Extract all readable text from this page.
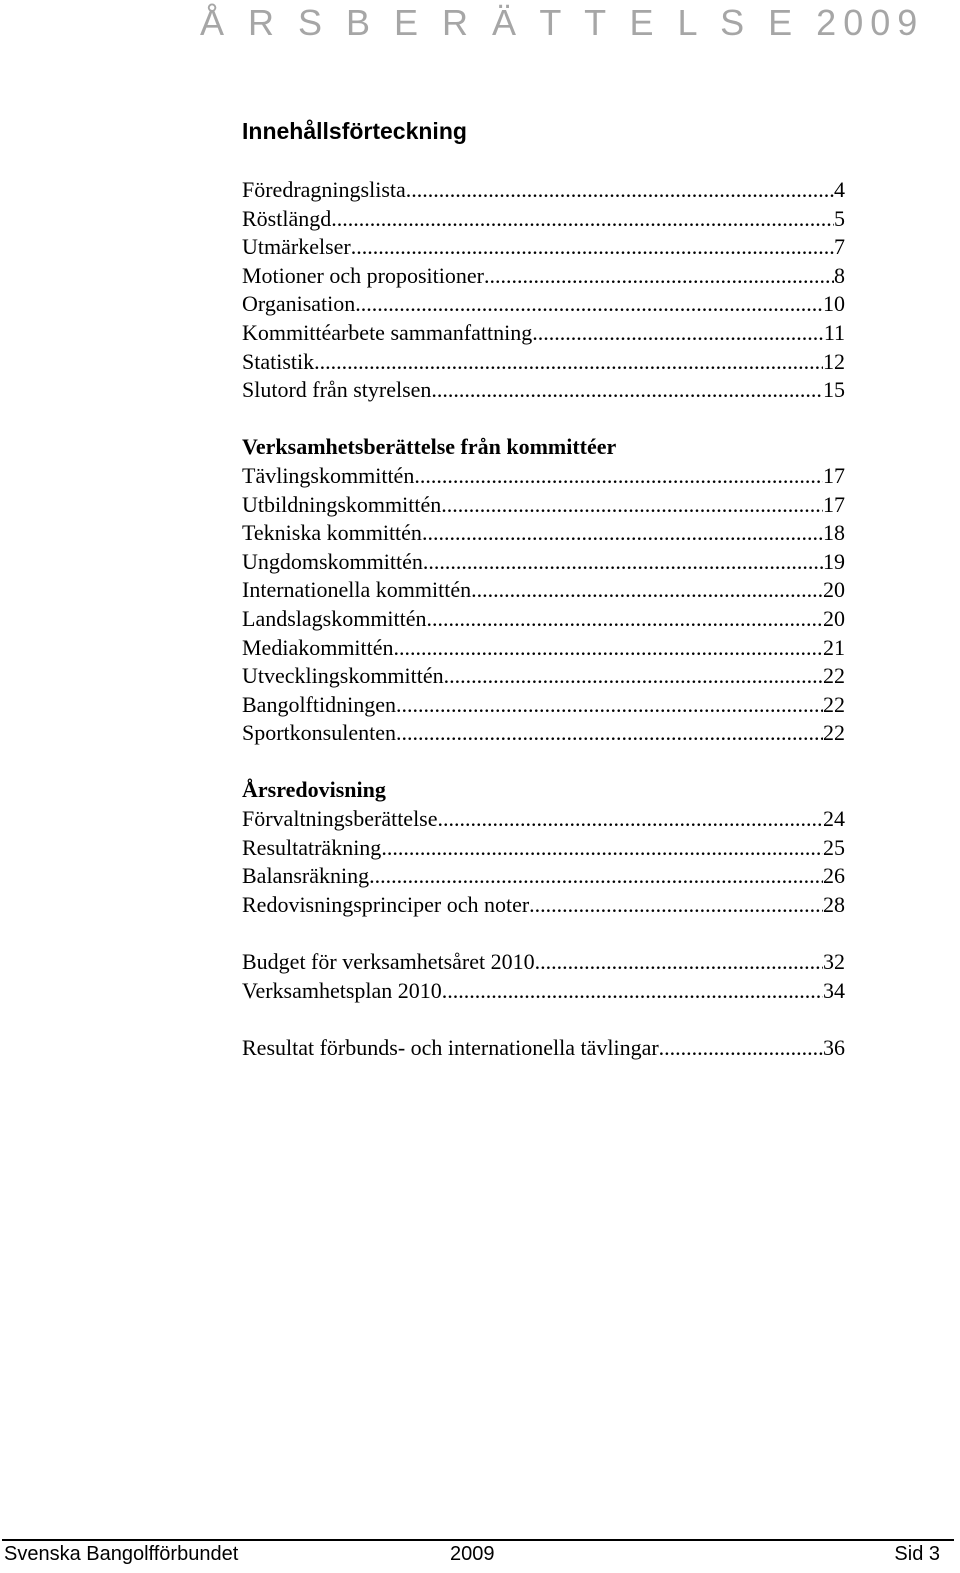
Å R S B E R Ä T T E L S E 2009
Innehållsförteckning
Föredragningslista .....	4
Röstlängd .....	5
Utmärkelser .....	7
Motioner och propositioner .....	8
Organisation .....	10
Kommittéarbete sammanfattning .....	11
Statistik .....	12
Slutord från styrelsen .....	15
Verksamhetsberättelse från kommittéer
Tävlingskommittén .....	17
Utbildningskommittén .....	17
Tekniska kommittén .....	18
Ungdomskommittén .....	19
Internationella kommittén .....	20
Landslagskommittén .....	20
Mediakommittén .....	21
Utvecklingskommittén .....	22
Bangolftidningen .....	22
Sportkonsulenten .....	22
Årsredovisning
Förvaltningsberättelse .....	24
Resultaträkning .....	25
Balansräkning .....	26
Redovisningsprinciper och noter .....	28
Budget för verksamhetsåret 2010 .....	32
Verksamhetsplan 2010 .....	34
Resultat förbunds- och internationella tävlingar .....	36
Svenska Bangolfförbundet	2009	Sid 3
